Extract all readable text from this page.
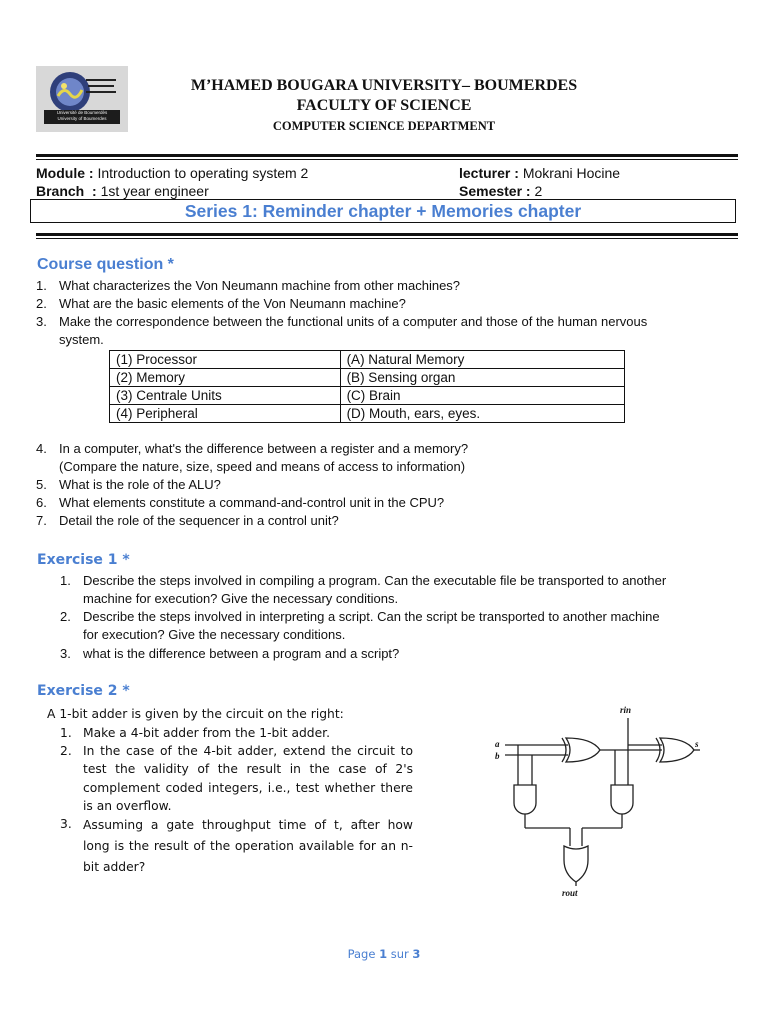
Université de Boumerdès
University of Boumerdes
M’HAMED BOUGARA UNIVERSITY– BOUMERDES
FACULTY OF SCIENCE
COMPUTER SCIENCE DEPARTMENT
Module : Introduction to operating system 2
Branch  : 1st year engineer
lecturer : Mokrani Hocine
Semester : 2
Series 1: Reminder chapter + Memories chapter
Course question *
1. What characterizes the Von Neumann machine from other machines?
2. What are the basic elements of the Von Neumann machine?
3. Make the correspondence between the functional units of a computer and those of the human nervous
system.
(1) Processor	(A) Natural Memory
(2) Memory	(B) Sensing organ
(3) Centrale Units	(C) Brain
(4) Peripheral	(D) Mouth, ears, eyes.
4. In a computer, what's the difference between a register and a memory?
(Compare the nature, size, speed and means of access to information)
5. What is the role of the ALU?
6. What elements constitute a command-and-control unit in the CPU?
7. Detail the role of the sequencer in a control unit?
Exercise 1 *
1. Describe the steps involved in compiling a program. Can the executable file be transported to another
machine for execution? Give the necessary conditions.
2. Describe the steps involved in interpreting a script. Can the script be transported to another machine
for execution? Give the necessary conditions.
3. what is the difference between a program and a script?
Exercise 2 *
A 1-bit adder is given by the circuit on the right:
1. Make a 4-bit adder from the 1-bit adder.
2. In the case of the 4-bit adder, extend the circuit to
test the validity of the result in the case of 2's
complement coded integers, i.e., test whether there
is an overflow.
3. Assuming a gate throughput time of t, after how
long is the result of the operation available for an n-
bit adder?
a
b
rin
s
rout
Page 1 sur 3
